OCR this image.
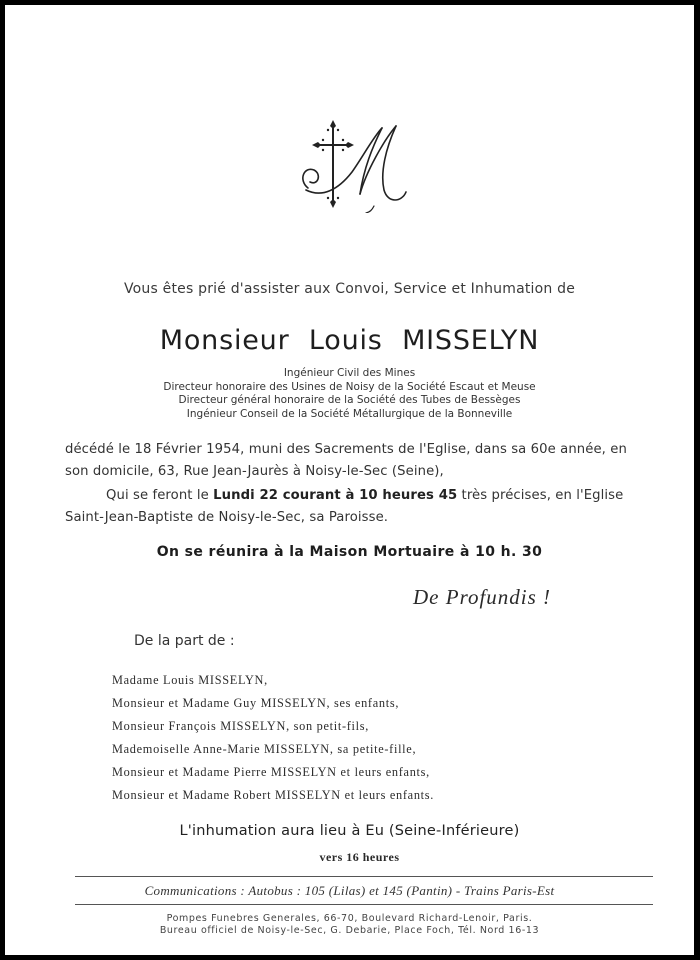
Vous êtes prié d'assister aux Convoi, Service et Inhumation de
Monsieur Louis MISSELYN
Ingénieur Civil des Mines
Directeur honoraire des Usines de Noisy de la Société Escaut et Meuse
Directeur général honoraire de la Société des Tubes de Bessèges
Ingénieur Conseil de la Société Métallurgique de la Bonneville
décédé le 18 Février 1954, muni des Sacrements de l'Eglise, dans sa 60e année, en
son domicile, 63, Rue Jean-Jaurès à Noisy-le-Sec (Seine),
Qui se feront le Lundi 22 courant à 10 heures 45 très précises, en l'Eglise
Saint-Jean-Baptiste de Noisy-le-Sec, sa Paroisse.
On se réunira à la Maison Mortuaire à 10 h. 30
De Profundis !
De la part de :
Madame Louis MISSELYN,
Monsieur et Madame Guy MISSELYN, ses enfants,
Monsieur François MISSELYN, son petit-fils,
Mademoiselle Anne-Marie MISSELYN, sa petite-fille,
Monsieur et Madame Pierre MISSELYN et leurs enfants,
Monsieur et Madame Robert MISSELYN et leurs enfants.
L'inhumation aura lieu à Eu (Seine-Inférieure)
vers 16 heures
Communications : Autobus : 105 (Lilas) et 145 (Pantin) - Trains Paris-Est
Pompes Funebres Generales, 66-70, Boulevard Richard-Lenoir, Paris.
Bureau officiel de Noisy-le-Sec, G. Debarie, Place Foch, Tél. Nord 16-13
